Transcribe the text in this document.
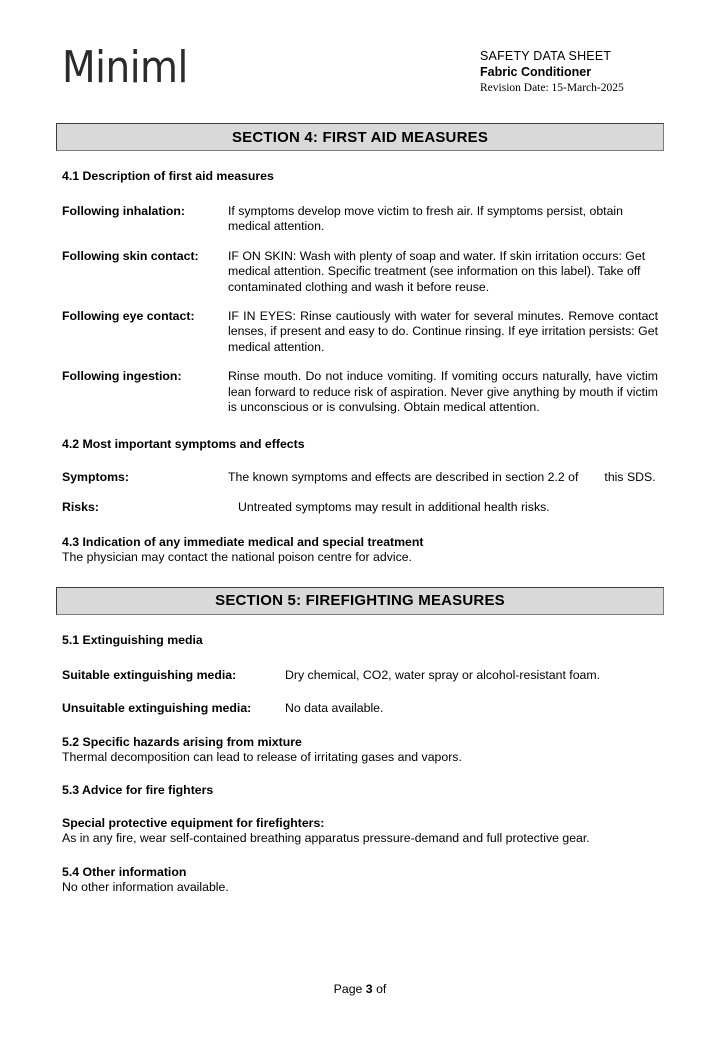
Miniml	SAFETY DATA SHEET
Fabric Conditioner
Revision Date: 15-March-2025
SECTION 4: FIRST AID MEASURES
4.1 Description of first aid measures
Following inhalation:	If symptoms develop move victim to fresh air. If symptoms persist, obtain medical attention.
Following skin contact:	IF ON SKIN: Wash with plenty of soap and water. If skin irritation occurs: Get medical attention. Specific treatment (see information on this label). Take off contaminated clothing and wash it before reuse.
Following eye contact:	IF IN EYES: Rinse cautiously with water for several minutes. Remove contact lenses, if present and easy to do. Continue rinsing. If eye irritation persists: Get medical attention.
Following ingestion:	Rinse mouth. Do not induce vomiting. If vomiting occurs naturally, have victim lean forward to reduce risk of aspiration. Never give anything by mouth if victim is unconscious or is convulsing. Obtain medical attention.
4.2 Most important symptoms and effects
Symptoms:	The known symptoms and effects are described in section 2.2 of this SDS.
Risks:	Untreated symptoms may result in additional health risks.
4.3 Indication of any immediate medical and special treatment
The physician may contact the national poison centre for advice.
SECTION 5: FIREFIGHTING MEASURES
5.1 Extinguishing media
Suitable extinguishing media:	Dry chemical, CO2, water spray or alcohol-resistant foam.
Unsuitable extinguishing media:	No data available.
5.2 Specific hazards arising from mixture
Thermal decomposition can lead to release of irritating gases and vapors.
5.3 Advice for fire fighters
Special protective equipment for firefighters:
As in any fire, wear self-contained breathing apparatus pressure-demand and full protective gear.
5.4 Other information
No other information available.
Page 3 of
